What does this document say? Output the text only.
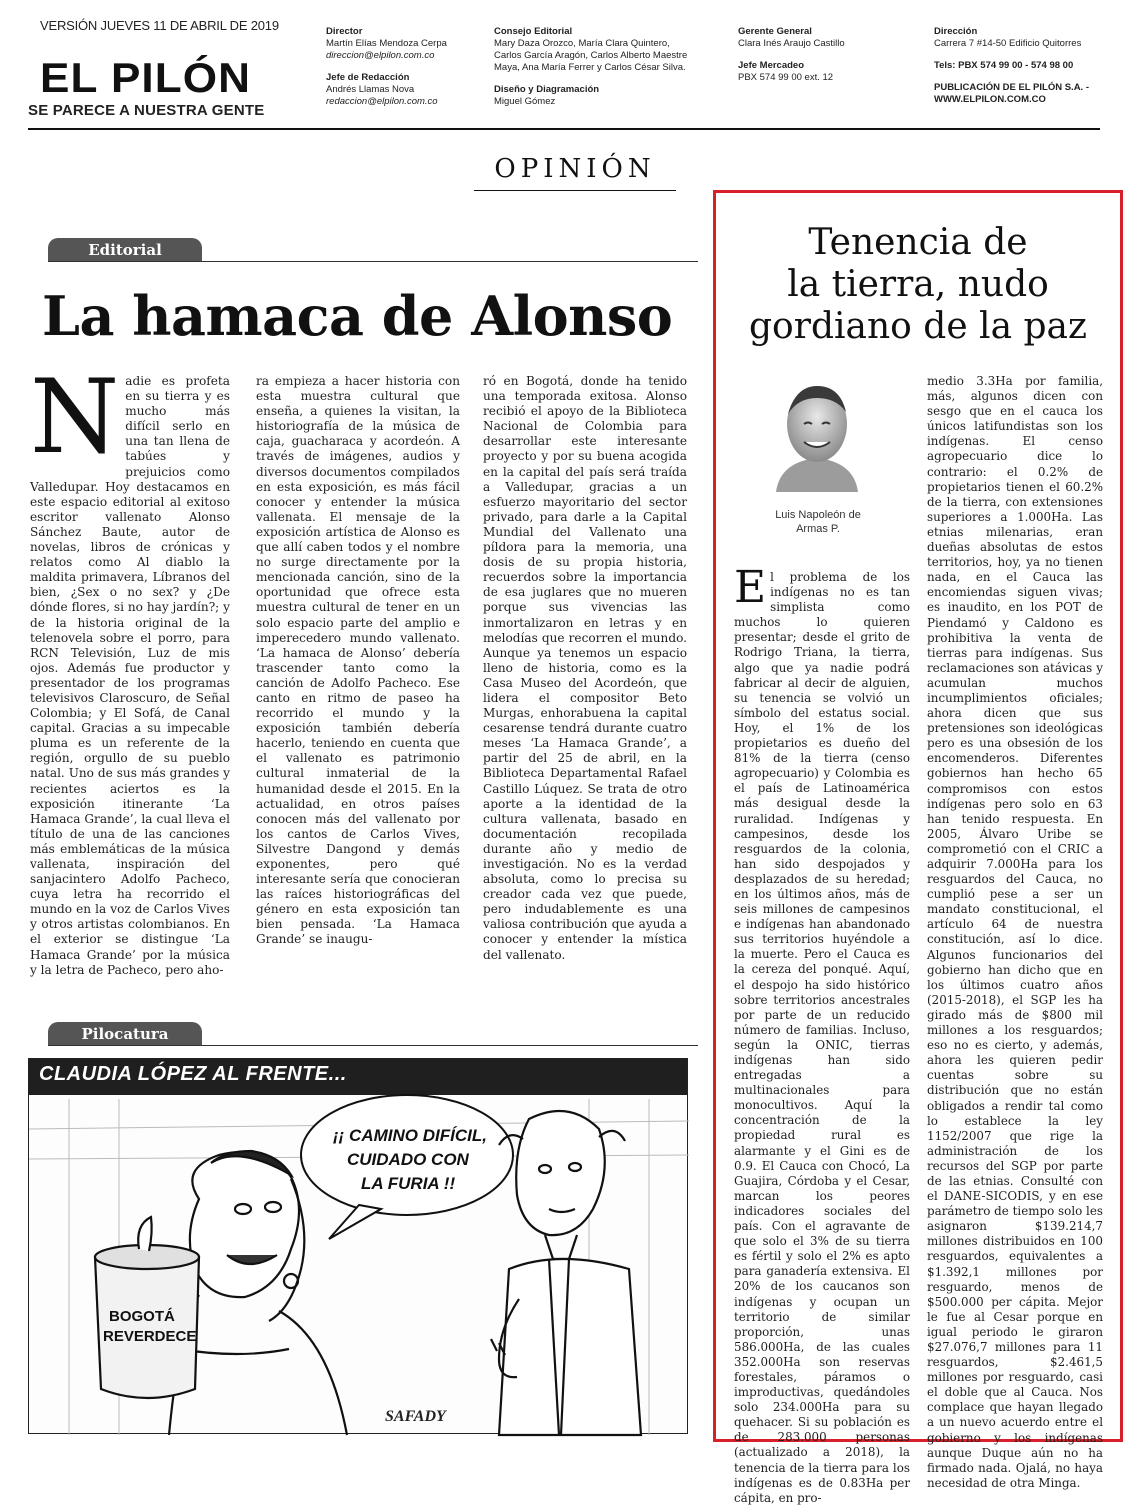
VERSIÓN JUEVES 11 DE ABRIL DE 2019
EL PILÓN
SE PARECE A NUESTRA GENTE
Director
Martín Elías Mendoza Cerpa
direccion@elpilon.com.co
Jefe de Redacción
Andrés Llamas Nova
redaccion@elpilon.com.co
Consejo Editorial
Mary Daza Orozco, María Clara Quintero,
Carlos García Aragón, Carlos Alberto Maestre
Maya, Ana María Ferrer y Carlos César Silva.
Diseño y Diagramación
Miguel Gómez
Gerente General
Clara Inés Araujo Castillo
Jefe Mercadeo
PBX 574 99 00 ext. 12
Dirección
Carrera 7 #14-50 Edificio Quitorres
Tels: PBX 574 99 00 - 574 98 00
PUBLICACIÓN DE EL PILÓN S.A. -
WWW.ELPILON.COM.CO
OPINIÓN
Editorial
La hamaca de Alonso
Nadie es profeta en su tierra y es mucho más difícil serlo en una tan llena de tabúes y prejuicios como Valledupar. Hoy destacamos en este espacio editorial al exitoso escritor vallenato Alonso Sánchez Baute, autor de novelas, libros de crónicas y relatos como Al diablo la maldita primavera, Líbranos del bien, ¿Sex o no sex? y ¿De dónde flores, si no hay jardín?; y de la historia original de la telenovela sobre el porro, para RCN Televisión, Luz de mis ojos. Además fue productor y presentador de los programas televisivos Claroscuro, de Señal Colombia; y El Sofá, de Canal capital. Gracias a su impecable pluma es un referente de la región, orgullo de su pueblo natal. Uno de sus más grandes y recientes aciertos es la exposición itinerante ‘La Hamaca Grande’, la cual lleva el título de una de las canciones más emblemáticas de la música vallenata, inspiración del sanjacintero Adolfo Pacheco, cuya letra ha recorrido el mundo en la voz de Carlos Vives y otros artistas colombianos. En el exterior se distingue ‘La Hamaca Grande’ por la música y la letra de Pacheco, pero aho-
ra empieza a hacer historia con esta muestra cultural que enseña, a quienes la visitan, la historiografía de la música de caja, guacharaca y acordeón. A través de imágenes, audios y diversos documentos compilados en esta exposición, es más fácil conocer y entender la música vallenata. El mensaje de la exposición artística de Alonso es que allí caben todos y el nombre no surge directamente por la mencionada canción, sino de la oportunidad que ofrece esta muestra cultural de tener en un solo espacio parte del amplio e imperecedero mundo vallenato. ‘La hamaca de Alonso’ debería trascender tanto como la canción de Adolfo Pacheco. Ese canto en ritmo de paseo ha recorrido el mundo y la exposición también debería hacerlo, teniendo en cuenta que el vallenato es patrimonio cultural inmaterial de la humanidad desde el 2015. En la actualidad, en otros países conocen más del vallenato por los cantos de Carlos Vives, Silvestre Dangond y demás exponentes, pero qué interesante sería que conocieran las raíces historiográficas del género en esta exposición tan bien pensada. ‘La Hamaca Grande’ se inaugu-
ró en Bogotá, donde ha tenido una temporada exitosa. Alonso recibió el apoyo de la Biblioteca Nacional de Colombia para desarrollar este interesante proyecto y por su buena acogida en la capital del país será traída a Valledupar, gracias a un esfuerzo mayoritario del sector privado, para darle a la Capital Mundial del Vallenato una píldora para la memoria, una dosis de su propia historia, recuerdos sobre la importancia de esa juglares que no mueren porque sus vivencias las inmortalizaron en letras y en melodías que recorren el mundo. Aunque ya tenemos un espacio lleno de historia, como es la Casa Museo del Acordeón, que lidera el compositor Beto Murgas, enhorabuena la capital cesarense tendrá durante cuatro meses ‘La Hamaca Grande’, a partir del 25 de abril, en la Biblioteca Departamental Rafael Castillo Lúquez. Se trata de otro aporte a la identidad de la cultura vallenata, basado en documentación recopilada durante año y medio de investigación. No es la verdad absoluta, como lo precisa su creador cada vez que puede, pero indudablemente es una valiosa contribución que ayuda a conocer y entender la mística del vallenato.
Pilocatura
CLAUDIA LÓPEZ AL FRENTE...
BOGOTÁ
REVERDECE
¡¡ CAMINO DIFÍCIL,
CUIDADO CON
LA FURIA !!
SAFADY
Tenencia de
la tierra, nudo
gordiano de la paz
Luis Napoleón de
Armas P.
El problema de los indígenas no es tan simplista como muchos lo quieren presentar; desde el grito de Rodrigo Triana, la tierra, algo que ya nadie podrá fabricar al decir de alguien, su tenencia se volvió un símbolo del estatus social. Hoy, el 1% de los propietarios es dueño del 81% de la tierra (censo agropecuario) y Colombia es el país de Latinoamérica más desigual desde la ruralidad. Indígenas y campesinos, desde los resguardos de la colonia, han sido despojados y desplazados de su heredad; en los últimos años, más de seis millones de campesinos e indígenas han abandonado sus territorios huyéndole a la muerte. Pero el Cauca es la cereza del ponqué. Aquí, el despojo ha sido histórico sobre territorios ancestrales por parte de un reducido número de familias. Incluso, según la ONIC, tierras indígenas han sido entregadas a multinacionales para monocultivos. Aquí la concentración de la propiedad rural es alarmante y el Gini es de 0.9. El Cauca con Chocó, La Guajira, Córdoba y el Cesar, marcan los peores indicadores sociales del país. Con el agravante de que solo el 3% de su tierra es fértil y solo el 2% es apto para ganadería extensiva. El 20% de los caucanos son indígenas y ocupan un territorio de similar proporción, unas 586.000Ha, de las cuales 352.000Ha son reservas forestales, páramos o improductivas, quedándoles solo 234.000Ha para su quehacer. Si su población es de 283.000 personas (actualizado a 2018), la tenencia de la tierra para los indígenas es de 0.83Ha per cápita, en pro-
medio 3.3Ha por familia, más, algunos dicen con sesgo que en el cauca los únicos latifundistas son los indígenas. El censo agropecuario dice lo contrario: el 0.2% de propietarios tienen el 60.2% de la tierra, con extensiones superiores a 1.000Ha. Las etnias milenarias, eran dueñas absolutas de estos territorios, hoy, ya no tienen nada, en el Cauca las encomiendas siguen vivas; es inaudito, en los POT de Piendamó y Caldono es prohibitiva la venta de tierras para indígenas. Sus reclamaciones son atávicas y acumulan muchos incumplimientos oficiales; ahora dicen que sus pretensiones son ideológicas pero es una obsesión de los encomenderos. Diferentes gobiernos han hecho 65 compromisos con estos indígenas pero solo en 63 han tenido respuesta. En 2005, Álvaro Uribe se comprometió con el CRIC a adquirir 7.000Ha para los resguardos del Cauca, no cumplió pese a ser un mandato constitucional, el artículo 64 de nuestra constitución, así lo dice. Algunos funcionarios del gobierno han dicho que en los últimos cuatro años (2015-2018), el SGP les ha girado más de $800 mil millones a los resguardos; eso no es cierto, y además, ahora les quieren pedir cuentas sobre su distribución que no están obligados a rendir tal como lo establece la ley 1152/2007 que rige la administración de los recursos del SGP por parte de las etnias. Consulté con el DANE-SICODIS, y en ese parámetro de tiempo solo les asignaron $139.214,7 millones distribuidos en 100 resguardos, equivalentes a $1.392,1 millones por resguardo, menos de $500.000 per cápita. Mejor le fue al Cesar porque en igual periodo le giraron $27.076,7 millones para 11 resguardos, $2.461,5 millones por resguardo, casi el doble que al Cauca. Nos complace que hayan llegado a un nuevo acuerdo entre el gobierno y los indígenas aunque Duque aún no ha firmado nada. Ojalá, no haya necesidad de otra Minga.
